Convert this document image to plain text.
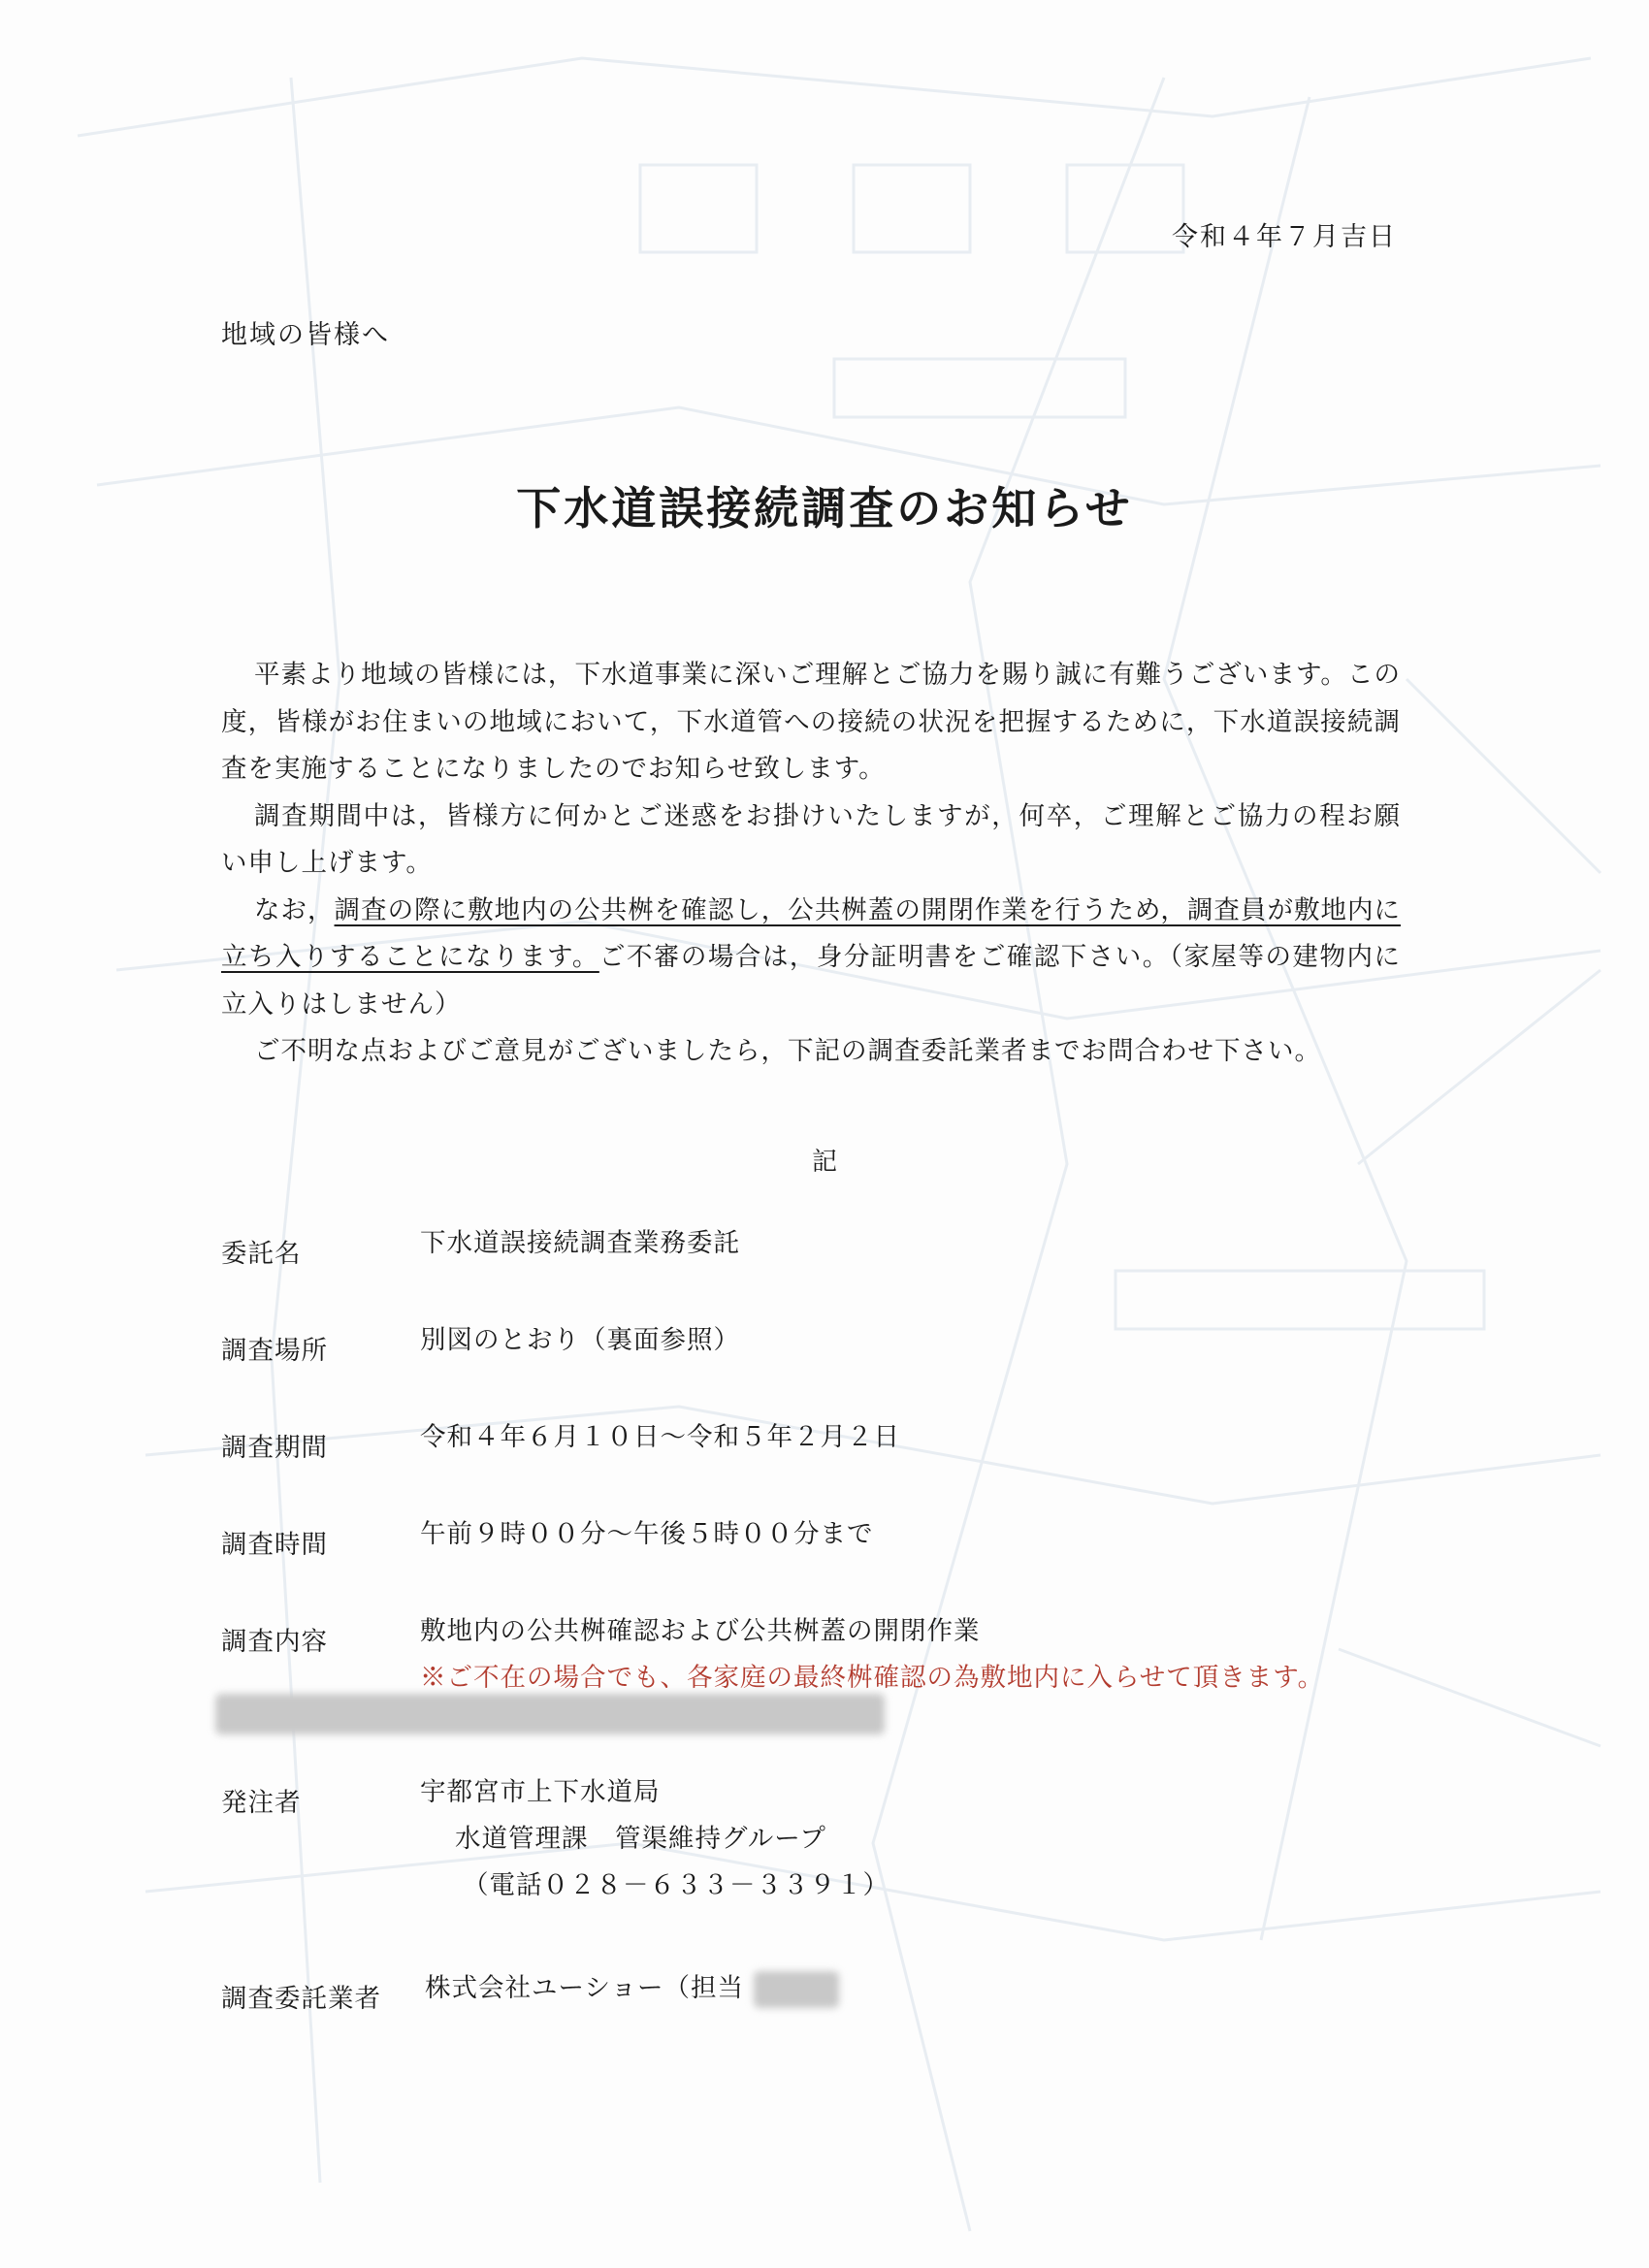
令和４年７月吉日
地域の皆様へ
下水道誤接続調査のお知らせ

平素より地域の皆様には，下水道事業に深いご理解とご協力を賜り誠に有難うございます。この度，皆様がお住まいの地域において，下水道管への接続の状況を把握するために，下水道誤接続調査を実施することになりましたのでお知らせ致します。

調査期間中は，皆様方に何かとご迷惑をお掛けいたしますが，何卒，ご理解とご協力の程お願い申し上げます。

なお，調査の際に敷地内の公共桝を確認し，公共桝蓋の開閉作業を行うため，調査員が敷地内に立ち入りすることになります。ご不審の場合は，身分証明書をご確認下さい。（家屋等の建物内に立入りはしません）

ご不明な点およびご意見がございましたら，下記の調査委託業者までお問合わせ下さい。

記
委託名	下水道誤接続調査業務委託
調査場所	別図のとおり（裏面参照）
調査期間	令和４年６月１０日～令和５年２月２日
調査時間	午前９時００分～午後５時００分まで
調査内容	敷地内の公共桝確認および公共桝蓋の開閉作業
※ご不在の場合でも、各家庭の最終桝確認の為敷地内に入らせて頂きます。
発注者	宇都宮市上下水道局
水道管理課　管渠維持グループ
（電話０２８－６３３－３３９１）
調査委託業者 株式会社ユーショー（担当
